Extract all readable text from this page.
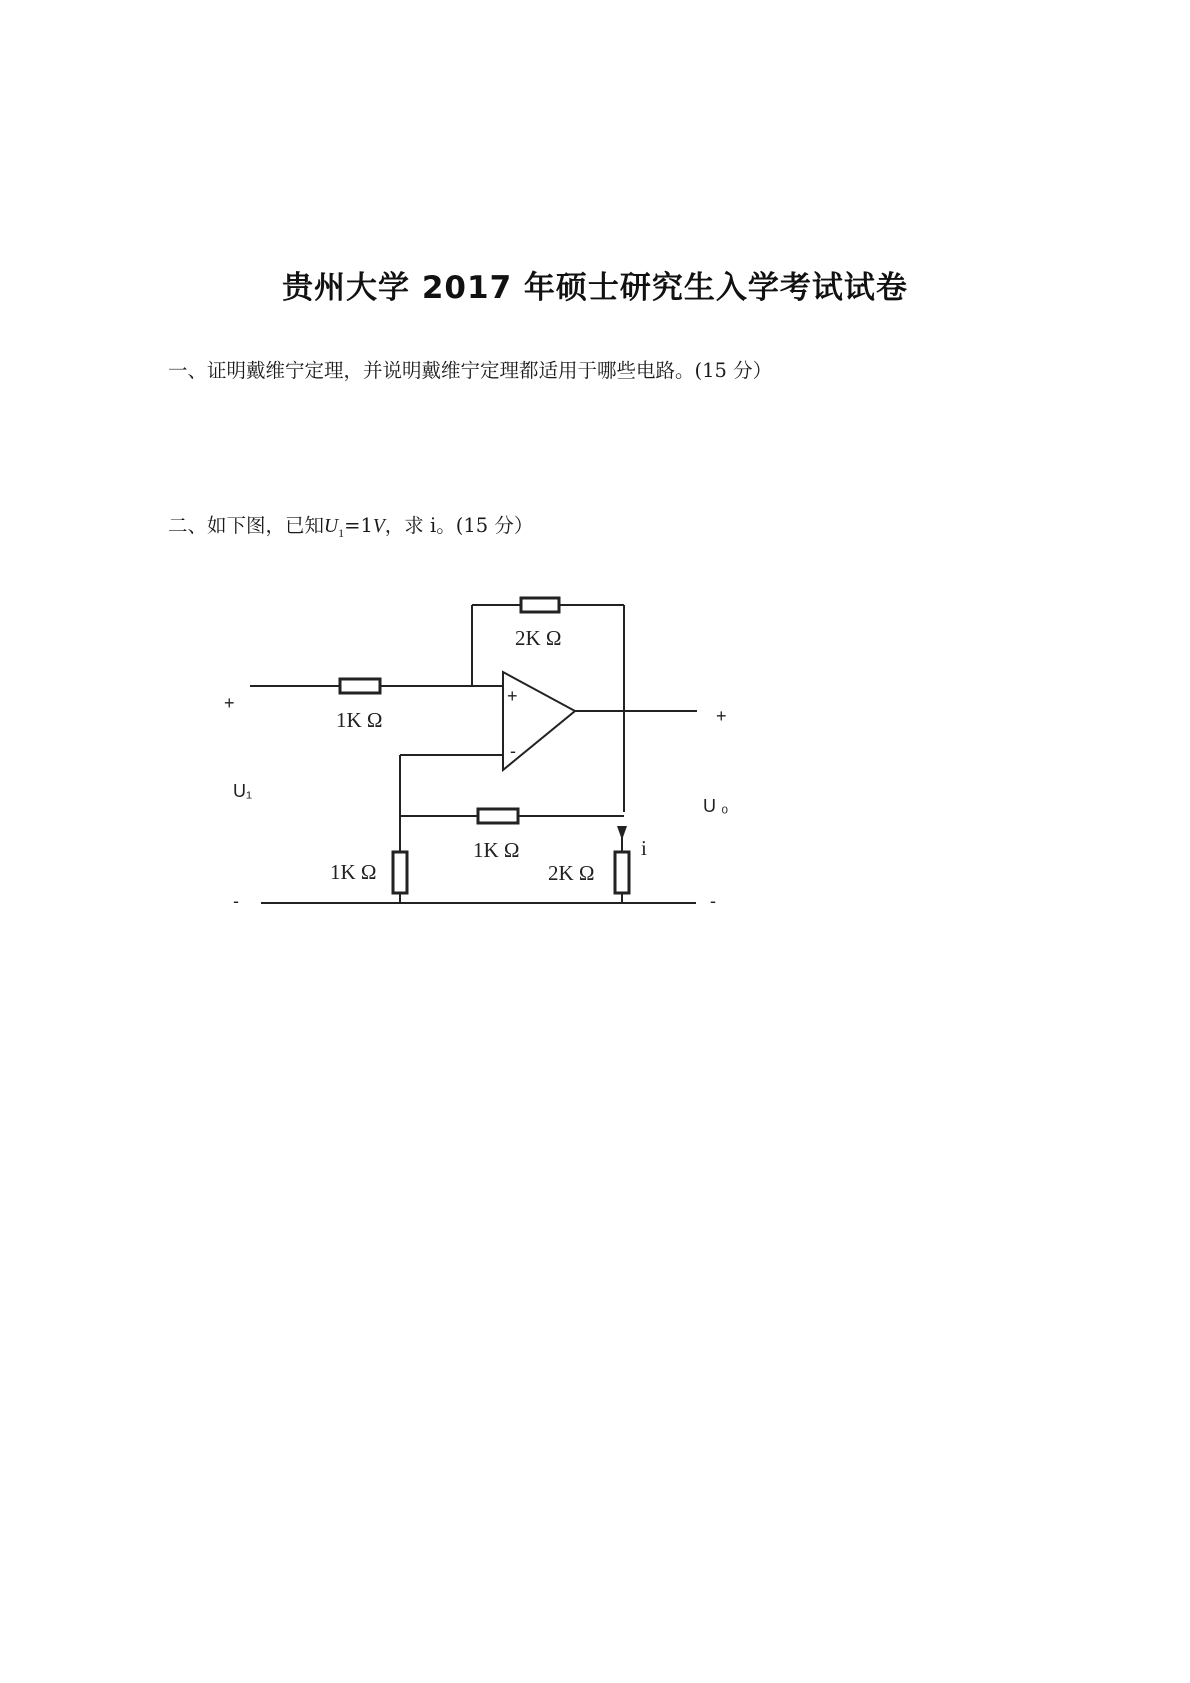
贵州大学 2017 年硕士研究生入学考试试卷
一、证明戴维宁定理，并说明戴维宁定理都适用于哪些电路。(15 分）
二、如下图，已知U1=1V，求 i。(15 分）
2K Ω
1K Ω
1K Ω
1K Ω	2K Ω
i
+
-
+
U₁
-
+
U ₀
-
